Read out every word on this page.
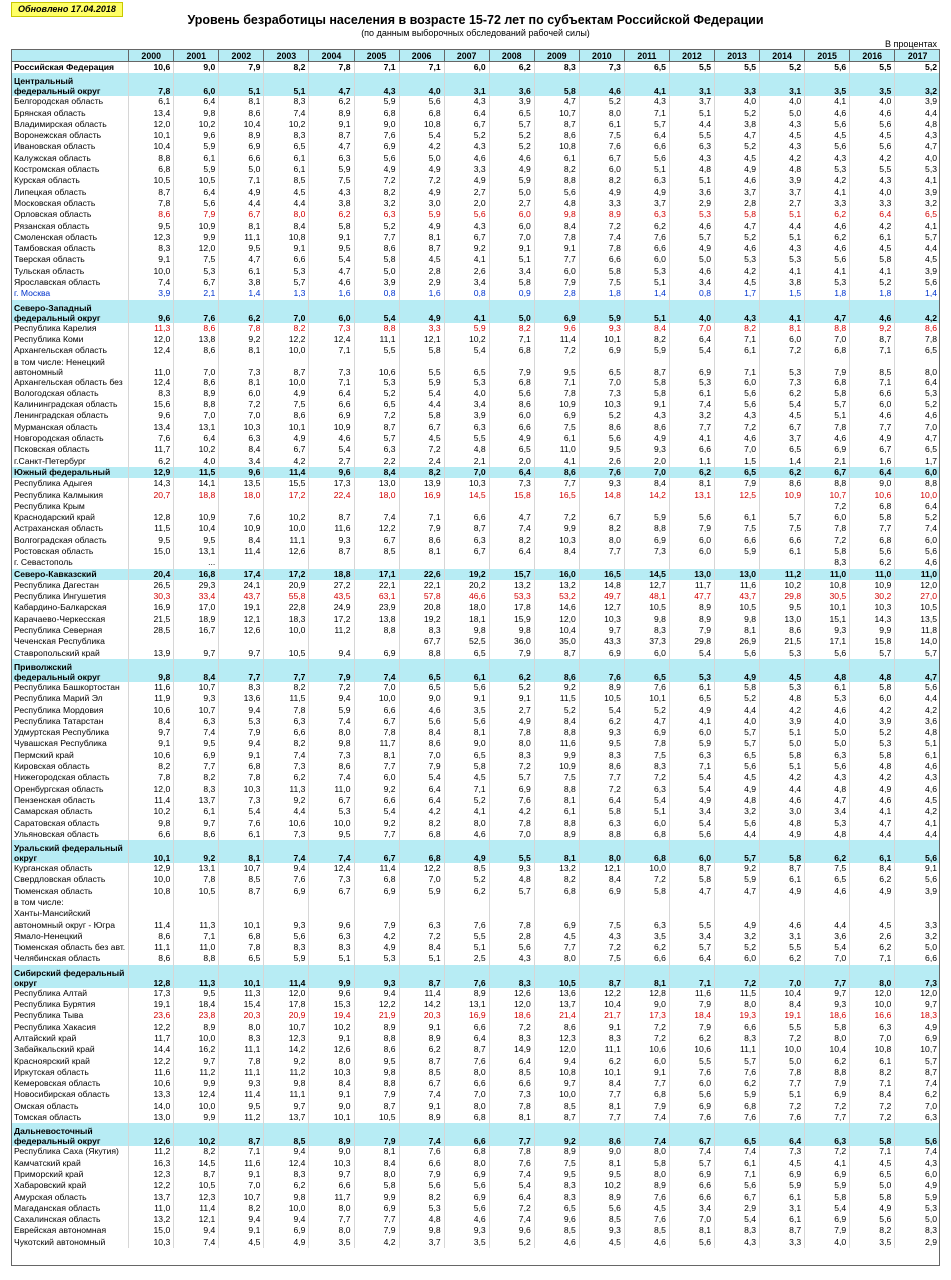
Обновлено 17.04.2018
Уровень безработицы населения в возрасте 15-72 лет по субъектам Российской Федерации
(по данным выборочных обследований рабочей силы)
В процентах
	2000	2001	2002	2003	2004	2005	2006	2007	2008	2009	2010	2011	2012	2013	2014	2015	2016	2017
Российская Федерация	10,6	9,0	7,9	8,2	7,8	7,1	7,1	6,0	6,2	8,3	7,3	6,5	5,5	5,5	5,2	5,6	5,5	5,2
Центральный федеральный округ	7,8	6,0	5,1	5,1	4,7	4,3	4,0	3,1	3,6	5,8	4,6	4,1	3,1	3,3	3,1	3,5	3,5	3,2
Белгородская область	6,1	6,4	8,1	8,3	6,2	5,9	5,6	4,3	3,9	4,7	5,2	4,3	3,7	4,0	4,0	4,1	4,0	3,9
Брянская область	13,4	9,8	8,6	7,4	8,9	6,8	6,8	6,4	6,5	10,7	8,0	7,1	5,1	5,2	5,0	4,6	4,6	4,4
Владимирская область	12,0	10,2	10,4	10,2	9,1	9,0	10,8	6,7	5,7	8,7	6,1	5,7	4,4	3,8	4,3	5,6	5,6	4,8
Воронежская область	10,1	9,6	8,9	8,3	8,7	7,6	5,4	5,2	5,2	8,6	7,5	6,4	5,5	4,7	4,5	4,5	4,5	4,3
Ивановская область	10,4	5,9	6,9	6,5	4,7	6,9	4,2	4,3	5,2	10,8	7,6	6,6	6,3	5,2	4,3	5,6	5,6	4,7
Калужская область	8,8	6,1	6,6	6,1	6,3	5,6	5,0	4,6	4,6	6,1	6,7	5,6	4,3	4,5	4,2	4,3	4,2	4,0
Костромская область	6,8	5,9	5,0	6,1	5,9	4,9	4,9	3,3	4,9	8,2	6,0	5,1	4,8	4,9	4,8	5,3	5,5	5,3
Курская область	10,5	10,5	7,1	8,5	7,5	7,2	7,2	4,9	5,9	8,8	8,2	6,3	5,1	4,6	3,9	4,2	4,3	4,1
Липецкая область	8,7	6,4	4,9	4,5	4,3	8,2	4,9	2,7	5,0	5,6	4,9	4,9	3,6	3,7	3,7	4,1	4,0	3,9
Московская область	7,8	5,6	4,4	4,4	3,8	3,2	3,0	2,0	2,7	4,8	3,3	3,7	2,9	2,8	2,7	3,3	3,3	3,2
Орловская область	8,6	7,9	6,7	8,0	6,2	6,3	5,9	5,6	6,0	9,8	8,9	6,3	5,3	5,8	5,1	6,2	6,4	6,5
Рязанская область	9,5	10,9	8,1	8,4	5,8	5,2	4,9	4,3	6,0	8,4	7,2	6,2	4,6	4,7	4,4	4,6	4,2	4,1
Смоленская область	12,3	9,9	11,1	10,8	9,1	7,7	8,1	6,7	7,0	7,8	7,4	7,6	5,7	5,2	5,1	6,2	6,1	5,7
Тамбовская область	8,3	12,0	9,5	9,1	9,5	8,6	8,7	9,2	9,1	9,1	7,8	6,6	4,9	4,6	4,3	4,6	4,5	4,4
Тверская область	9,1	7,5	4,7	6,6	5,4	5,8	4,5	4,1	5,1	7,7	6,6	6,0	5,0	5,3	5,3	5,6	5,8	4,5
Тульская область	10,0	5,3	6,1	5,3	4,7	5,0	2,8	2,6	3,4	6,0	5,8	5,3	4,6	4,2	4,1	4,1	4,1	3,9
Ярославская область	7,4	6,7	3,8	5,7	4,6	3,9	2,9	3,4	5,8	7,9	7,5	5,1	3,4	4,5	3,8	5,3	5,2	5,6
г. Москва	3,9	2,1	1,4	1,3	1,6	0,8	1,6	0,8	0,9	2,8	1,8	1,4	0,8	1,7	1,5	1,8	1,8	1,4
Северо-Западный федеральный округ	9,6	7,6	6,2	7,0	6,0	5,4	4,9	4,1	5,0	6,9	5,9	5,1	4,0	4,3	4,1	4,7	4,6	4,2
Республика Карелия	11,3	8,6	7,8	8,2	7,3	8,8	3,3	5,9	8,2	9,6	9,3	8,4	7,0	8,2	8,1	8,8	9,2	8,6
Республика Коми	12,0	13,8	9,2	12,2	12,4	11,1	12,1	10,2	7,1	11,4	10,1	8,2	6,4	7,1	6,0	7,0	8,7	7,8
Архангельская область	12,4	8,6	8,1	10,0	7,1	5,5	5,8	5,4	6,8	7,2	6,9	5,9	5,4	6,1	7,2	6,8	7,1	6,5
в том числе: Ненецкий автономный	11,0	7,0	7,3	8,7	7,3	10,6	5,5	6,5	7,9	9,5	6,5	8,7	6,9	7,1	5,3	7,9	8,5	8,0
Архангельская область без	12,4	8,6	8,1	10,0	7,1	5,3	5,9	5,3	6,8	7,1	7,0	5,8	5,3	6,0	7,3	6,8	7,1	6,4
Вологодская область	8,3	8,9	6,0	4,9	6,4	5,2	5,4	4,0	5,6	7,8	7,3	5,8	6,1	5,6	6,2	5,8	6,6	5,3
Калининградская область	15,6	8,8	7,2	7,5	6,6	6,5	4,4	3,4	8,6	10,9	10,3	9,1	7,4	5,6	5,4	5,7	6,0	5,2
Ленинградская область	9,6	7,0	7,0	8,6	6,9	7,2	5,8	3,9	6,0	6,9	5,2	4,3	3,2	4,3	4,5	5,1	4,6	4,6
Мурманская область	13,4	13,1	10,3	10,1	10,9	8,7	6,7	6,3	6,6	7,5	8,6	8,6	7,7	7,2	6,7	7,8	7,7	7,0
Новгородская область	7,6	6,4	6,3	4,9	4,6	5,7	4,5	5,5	4,9	6,1	5,6	4,9	4,1	4,6	3,7	4,6	4,9	4,7
Псковская область	11,7	10,2	8,4	6,7	5,4	6,3	7,2	4,8	6,5	11,0	9,5	9,3	6,6	7,0	6,5	6,9	6,7	6,5
г.Санкт-Петербург	6,2	4,0	3,4	4,2	2,7	2,2	2,4	2,1	2,0	4,1	2,6	2,0	1,1	1,5	1,4	2,1	1,6	1,7
Южный федеральный	12,9	11,5	9,6	11,4	9,6	8,4	8,2	7,0	6,4	8,6	7,6	7,0	6,2	6,5	6,2	6,7	6,4	6,0
Республика Адыгея	14,3	14,1	13,5	15,5	17,3	13,0	13,9	10,3	7,3	7,7	9,3	8,4	8,1	7,9	8,6	8,8	9,0	8,8
Республика Калмыкия	20,7	18,8	18,0	17,2	22,4	18,0	16,9	14,5	15,8	16,5	14,8	14,2	13,1	12,5	10,9	10,7	10,6	10,0
Республика Крым																7,2	6,8	6,4
Краснодарский край	12,8	10,9	7,6	10,2	8,7	7,4	7,1	6,6	4,7	7,2	6,7	5,9	5,6	6,1	5,7	6,0	5,8	5,2
Астраханская область	11,5	10,4	10,9	10,0	11,6	12,2	7,9	8,7	7,4	9,9	8,2	8,8	7,9	7,5	7,5	7,8	7,7	7,4
Волгоградская область	9,5	9,5	8,4	11,1	9,3	6,7	8,6	6,3	8,2	10,3	8,0	6,9	6,0	6,6	6,6	7,2	6,8	6,0
Ростовская область	15,0	13,1	11,4	12,6	8,7	8,5	8,1	6,7	6,4	8,4	7,7	7,3	6,0	5,9	6,1	5,8	5,6	5,6
г. Севастополь		...														8,3	6,2	4,6
Северо-Кавказский	20,4	16,8	17,4	17,2	18,8	17,1	22,6	19,2	15,7	16,0	16,5	14,5	13,0	13,0	11,2	11,0	11,0	11,0
Республика Дагестан	26,5	29,3	24,1	20,9	27,2	22,1	22,1	20,2	13,2	13,2	14,8	12,7	11,7	11,6	10,2	10,8	10,9	12,0
Республика Ингушетия	30,3	33,4	43,7	55,8	43,5	63,1	57,8	46,6	53,3	53,2	49,7	48,1	47,7	43,7	29,8	30,5	30,2	27,0
Кабардино-Балкарская	16,9	17,0	19,1	22,8	24,9	23,9	20,8	18,0	17,8	14,6	12,7	10,5	8,9	10,5	9,5	10,1	10,3	10,5
Карачаево-Черкесская	21,5	18,9	12,1	18,3	17,2	13,8	19,2	18,1	15,9	12,0	10,3	9,8	8,9	9,8	13,0	15,1	14,3	13,5
Республика Северная	28,5	16,7	12,6	10,0	11,2	8,8	8,3	9,8	9,8	10,4	9,7	8,3	7,9	8,1	8,6	9,3	9,9	11,8
Чеченская Республика							67,7	52,5	36,0	35,0	43,3	37,3	29,8	26,9	21,5	17,1	15,8	14,0
Ставропольский край	13,9	9,7	9,7	10,5	9,4	6,9	8,8	6,5	7,9	8,7	6,9	6,0	5,4	5,6	5,3	5,6	5,7	5,7
Приволжский федеральный округ	9,8	8,4	7,7	7,7	7,9	7,4	6,5	6,1	6,2	8,6	7,6	6,5	5,3	4,9	4,5	4,8	4,8	4,7
Республика Башкортостан	11,6	10,7	8,3	8,2	7,2	7,0	6,5	5,6	5,2	9,2	8,9	7,6	6,1	5,8	5,3	6,1	5,8	5,6
Республика Марий Эл	11,9	9,3	13,6	11,5	9,4	10,0	9,0	9,1	9,1	11,5	10,5	10,1	6,5	5,2	4,8	5,3	6,0	4,4
Республика Мордовия	10,6	10,7	9,4	7,8	5,9	6,6	4,6	3,5	2,7	5,2	5,4	5,2	4,9	4,4	4,2	4,6	4,2	4,2
Республика Татарстан	8,4	6,3	5,3	6,3	7,4	6,7	5,6	5,6	4,9	8,4	6,2	4,7	4,1	4,0	3,9	4,0	3,9	3,6
Удмуртская Республика	9,7	7,4	7,9	6,6	8,0	7,8	8,4	8,1	7,8	8,8	9,3	6,9	6,0	5,7	5,1	5,0	5,2	4,8
Чувашская Республика	9,1	9,5	9,4	8,2	9,8	11,7	8,6	9,0	8,0	11,6	9,5	7,8	5,9	5,7	5,0	5,0	5,3	5,1
Пермский край	10,6	6,9	9,1	7,4	7,3	8,1	7,0	6,5	8,3	9,9	8,3	7,5	6,3	6,5	5,8	6,3	5,8	6,1
Кировская область	8,2	7,7	6,8	7,3	8,6	7,7	7,9	5,8	7,2	10,9	8,6	8,3	7,1	5,6	5,1	5,6	4,8	4,6
Нижегородская область	7,8	8,2	7,8	6,2	7,4	6,0	5,4	4,5	5,7	7,5	7,7	7,2	5,4	4,5	4,2	4,3	4,2	4,3
Оренбургская область	12,0	8,3	10,3	11,3	11,0	9,2	6,4	7,1	6,9	8,8	7,2	6,3	5,4	4,9	4,4	4,8	4,9	4,6
Пензенская область	11,4	13,7	7,3	9,2	6,7	6,6	6,4	5,2	7,6	8,1	6,4	5,4	4,9	4,8	4,6	4,7	4,6	4,5
Самарская область	10,2	6,1	5,4	4,4	5,3	5,4	4,2	4,1	4,2	6,1	5,8	5,1	3,4	3,2	3,0	3,4	4,1	4,2
Саратовская область	9,8	9,7	7,6	10,6	10,0	9,2	8,2	8,0	7,8	8,8	6,3	6,0	5,4	5,6	4,8	5,3	4,7	4,1
Ульяновская область	6,6	8,6	6,1	7,3	9,5	7,7	6,8	4,6	7,0	8,9	8,8	6,8	5,6	4,4	4,9	4,8	4,4	4,4
Уральский федеральный округ	10,1	9,2	8,1	7,4	7,4	6,7	6,8	4,9	5,5	8,1	8,0	6,8	6,0	5,7	5,8	6,2	6,1	5,6
Курганская область	12,9	13,1	10,7	9,4	12,4	11,4	12,2	8,5	9,3	13,2	12,1	10,0	8,7	9,2	8,7	7,5	8,4	9,1
Свердловская область	10,0	7,8	8,5	7,6	7,3	6,8	7,0	5,2	4,8	8,2	8,4	7,2	5,8	5,9	6,1	6,5	6,2	5,6
Тюменская область	10,8	10,5	8,7	6,9	6,7	6,9	5,9	6,2	5,7	6,8	6,9	5,8	4,7	4,7	4,9	4,6	4,9	3,9
в том числе:																		
Ханты-Мансийский																		
автономный округ - Югра	11,4	11,3	10,1	9,3	9,6	7,9	6,3	7,6	7,8	6,9	7,5	6,3	5,5	4,9	4,6	4,4	4,5	3,3
Ямало-Ненецкий	8,6	7,1	6,8	5,6	6,3	4,2	7,2	5,5	2,8	4,5	4,3	3,5	3,4	3,2	3,1	3,6	2,6	3,2
Тюменская область без авт.	11,1	11,0	7,8	8,3	8,3	4,9	8,4	5,1	5,6	7,7	7,2	6,2	5,7	5,2	5,5	5,4	6,2	5,0
Челябинская область	8,6	8,8	6,5	5,9	5,1	5,3	5,1	2,5	4,3	8,0	7,5	6,6	6,4	6,0	6,2	7,0	7,1	6,6
Сибирский федеральный округ	12,8	11,3	10,1	11,4	9,9	9,3	8,7	7,6	8,3	10,5	8,7	8,1	7,1	7,2	7,0	7,7	8,0	7,3
Республика Алтай	17,3	9,5	11,3	12,0	9,6	9,4	11,4	8,9	12,6	13,6	12,2	12,8	11,6	11,5	10,4	9,7	12,0	12,0
Республика Бурятия	19,1	18,4	15,4	17,8	15,3	12,2	14,2	13,1	12,0	13,7	10,4	9,0	7,9	8,0	8,4	9,3	10,0	9,7
Республика Тыва	23,6	23,8	20,3	20,9	19,4	21,9	20,3	16,9	18,6	21,4	21,7	17,3	18,4	19,3	19,1	18,6	16,6	18,3
Республика Хакасия	12,2	8,9	8,0	10,7	10,2	8,9	9,1	6,6	7,2	8,6	9,1	7,2	7,9	6,6	5,5	5,8	6,3	4,9
Алтайский край	11,7	10,0	8,3	12,3	9,1	8,8	8,9	6,4	8,3	12,3	8,3	7,2	6,2	8,3	7,2	8,0	7,0	6,9
Забайкальский край	14,4	16,2	11,1	14,2	12,6	8,6	6,2	8,7	14,9	12,0	11,1	10,6	10,6	11,1	10,0	10,4	10,8	10,7
Красноярский край	12,2	9,7	7,8	9,2	8,0	9,5	8,7	7,6	6,4	9,4	6,2	6,0	5,5	5,7	5,0	6,2	6,1	5,7
Иркутская область	11,6	11,2	11,1	11,2	10,3	9,8	8,5	8,0	8,5	10,8	10,1	9,1	7,6	7,6	7,8	8,8	8,2	8,7
Кемеровская область	10,6	9,9	9,3	9,8	8,4	8,8	6,7	6,6	6,6	9,7	8,4	7,7	6,0	6,2	7,7	7,9	7,1	7,4
Новосибирская область	13,3	12,4	11,4	11,1	9,1	7,9	7,4	7,0	7,3	10,0	7,7	6,8	5,6	5,9	5,1	6,9	8,4	6,2
Омская область	14,0	10,0	9,5	9,7	9,0	8,7	9,1	8,0	7,8	8,5	8,1	7,9	6,9	6,8	7,2	7,2	7,2	7,0
Томская область	13,0	9,9	11,2	13,7	10,1	10,5	8,9	6,8	8,1	8,7	7,7	7,4	7,6	7,6	7,6	7,7	7,2	6,3
Дальневосточный федеральный округ	12,6	10,2	8,7	8,5	8,9	7,9	7,4	6,6	7,7	9,2	8,6	7,4	6,7	6,5	6,4	6,3	5,8	5,6
Республика Саха (Якутия)	11,2	8,2	7,1	9,4	9,0	8,1	7,6	6,8	7,8	8,9	9,0	8,0	7,4	7,4	7,3	7,2	7,1	7,4
Камчатский край	16,3	14,5	11,6	12,4	10,3	8,4	6,6	8,0	7,6	7,5	8,1	5,8	5,7	6,1	4,5	4,1	4,5	4,3
Приморский край	12,3	8,7	9,1	8,3	9,7	8,0	7,9	6,9	7,4	9,5	9,5	8,0	6,9	7,1	6,9	6,9	6,5	6,0
Хабаровский край	12,2	10,5	7,0	6,2	6,6	5,8	5,6	5,6	5,4	8,3	10,2	8,9	6,6	5,6	5,9	5,9	5,0	4,9
Амурская область	13,7	12,3	10,7	9,8	11,7	9,9	8,2	6,9	6,4	8,3	8,9	7,6	6,6	6,7	6,1	5,8	5,8	5,9
Магаданская область	11,0	11,4	8,2	10,0	8,0	6,9	5,3	5,6	7,2	6,5	5,6	4,5	3,4	2,9	3,1	5,4	4,9	5,3
Сахалинская область	13,2	12,1	9,4	9,4	7,7	7,7	4,8	4,6	7,4	9,6	8,5	7,6	7,0	5,4	6,1	6,9	5,6	5,0
Еврейская автономная	15,0	9,4	9,1	6,9	8,0	7,9	9,8	9,3	9,6	8,5	9,3	8,5	8,1	8,3	8,7	7,9	8,2	8,3
Чукотский автономный	10,3	7,4	4,5	4,9	3,5	4,2	3,7	3,5	5,2	4,6	4,5	4,6	5,6	4,3	3,3	4,0	3,5	2,9
